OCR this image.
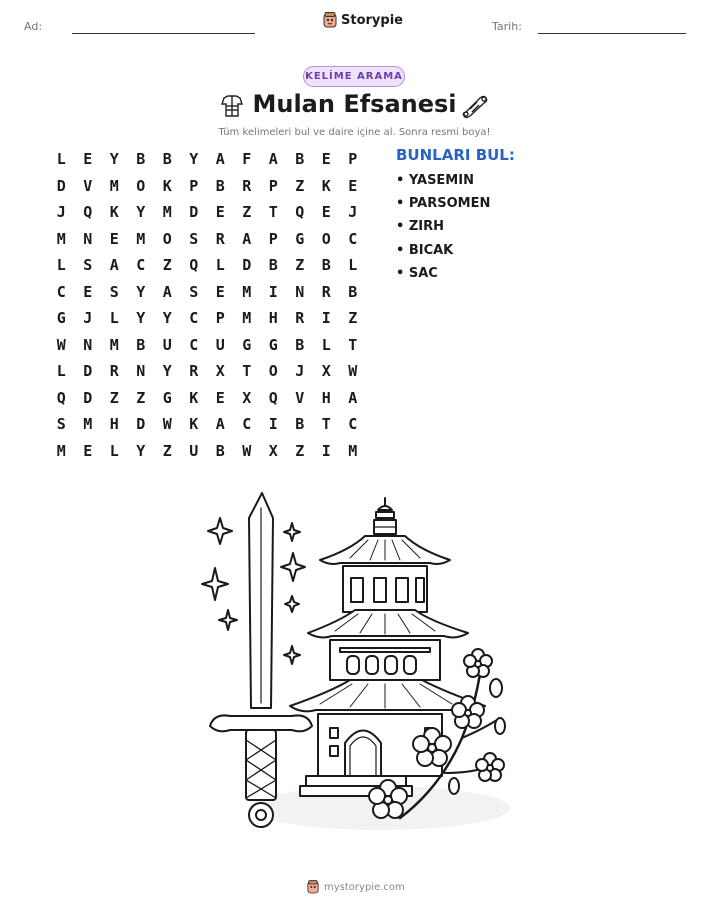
Ad:	Storypie	Tarih:
KELİME ARAMA
Mulan Efsanesi
Tüm kelimeleri bul ve daire içine al. Sonra resmi boya!
L	E	Y	B	B	Y	A	F	A	B	E	P
D	V	M	O	K	P	B	R	P	Z	K	E
J	Q	K	Y	M	D	E	Z	T	Q	E	J
M	N	E	M	O	S	R	A	P	G	O	C
L	S	A	C	Z	Q	L	D	B	Z	B	L
C	E	S	Y	A	S	E	M	I	N	R	B
G	J	L	Y	Y	C	P	M	H	R	I	Z
W	N	M	B	U	C	U	G	G	B	L	T
L	D	R	N	Y	R	X	T	O	J	X	W
Q	D	Z	Z	G	K	E	X	Q	V	H	A
S	M	H	D	W	K	A	C	I	B	T	C
M	E	L	Y	Z	U	B	W	X	Z	I	M
BUNLARI BUL:
• YASEMIN
• PARSOMEN
• ZIRH
• BICAK
• SAC
mystorypie.com
